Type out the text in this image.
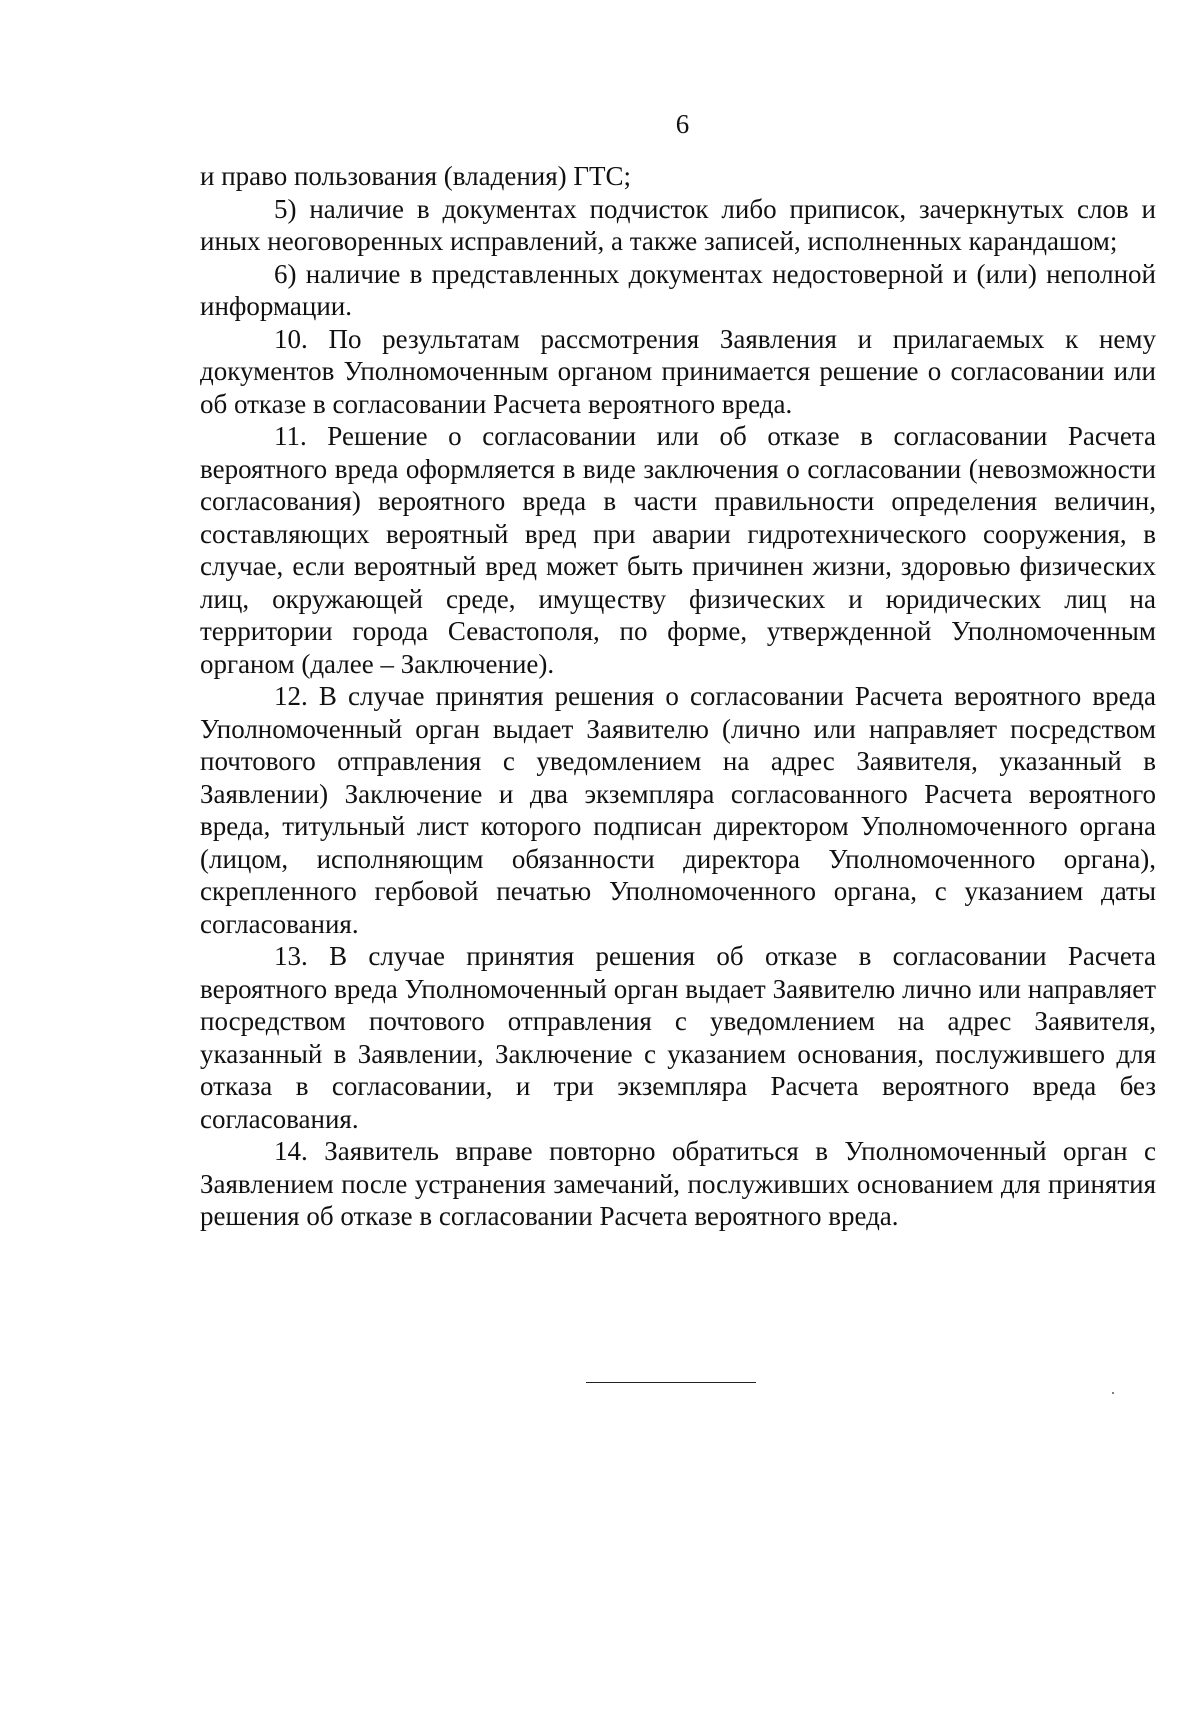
6

и право пользования (владения) ГТС;

5) наличие в документах подчисток либо приписок, зачеркнутых слов и иных неоговоренных исправлений, а также записей, исполненных карандашом;

6) наличие в представленных документах недостоверной и (или) неполной информации.

10. По результатам рассмотрения Заявления и прилагаемых к нему документов Уполномоченным органом принимается решение о согласовании или об отказе в согласовании Расчета вероятного вреда.

11. Решение о согласовании или об отказе в согласовании Расчета вероятного вреда оформляется в виде заключения о согласовании (невозможности согласования) вероятного вреда в части правильности определения величин, составляющих вероятный вред при аварии гидротехнического сооружения, в случае, если вероятный вред может быть причинен жизни, здоровью физических лиц, окружающей среде, имуществу физических и юридических лиц на территории города Севастополя, по форме, утвержденной Уполномоченным органом (далее – Заключение).

12. В случае принятия решения о согласовании Расчета вероятного вреда Уполномоченный орган выдает Заявителю (лично или направляет посредством почтового отправления с уведомлением на адрес Заявителя, указанный в Заявлении) Заключение и два экземпляра согласованного Расчета вероятного вреда, титульный лист которого подписан директором Уполномоченного органа (лицом, исполняющим обязанности директора Уполномоченного органа), скрепленного гербовой печатью Уполномоченного органа, с указанием даты согласования.

13. В случае принятия решения об отказе в согласовании Расчета вероятного вреда Уполномоченный орган выдает Заявителю лично или направляет посредством почтового отправления с уведомлением на адрес Заявителя, указанный в Заявлении, Заключение с указанием основания, послужившего для отказа в согласовании, и три экземпляра Расчета вероятного вреда без согласования.

14. Заявитель вправе повторно обратиться в Уполномоченный орган с Заявлением после устранения замечаний, послуживших основанием для принятия решения об отказе в согласовании Расчета вероятного вреда.
